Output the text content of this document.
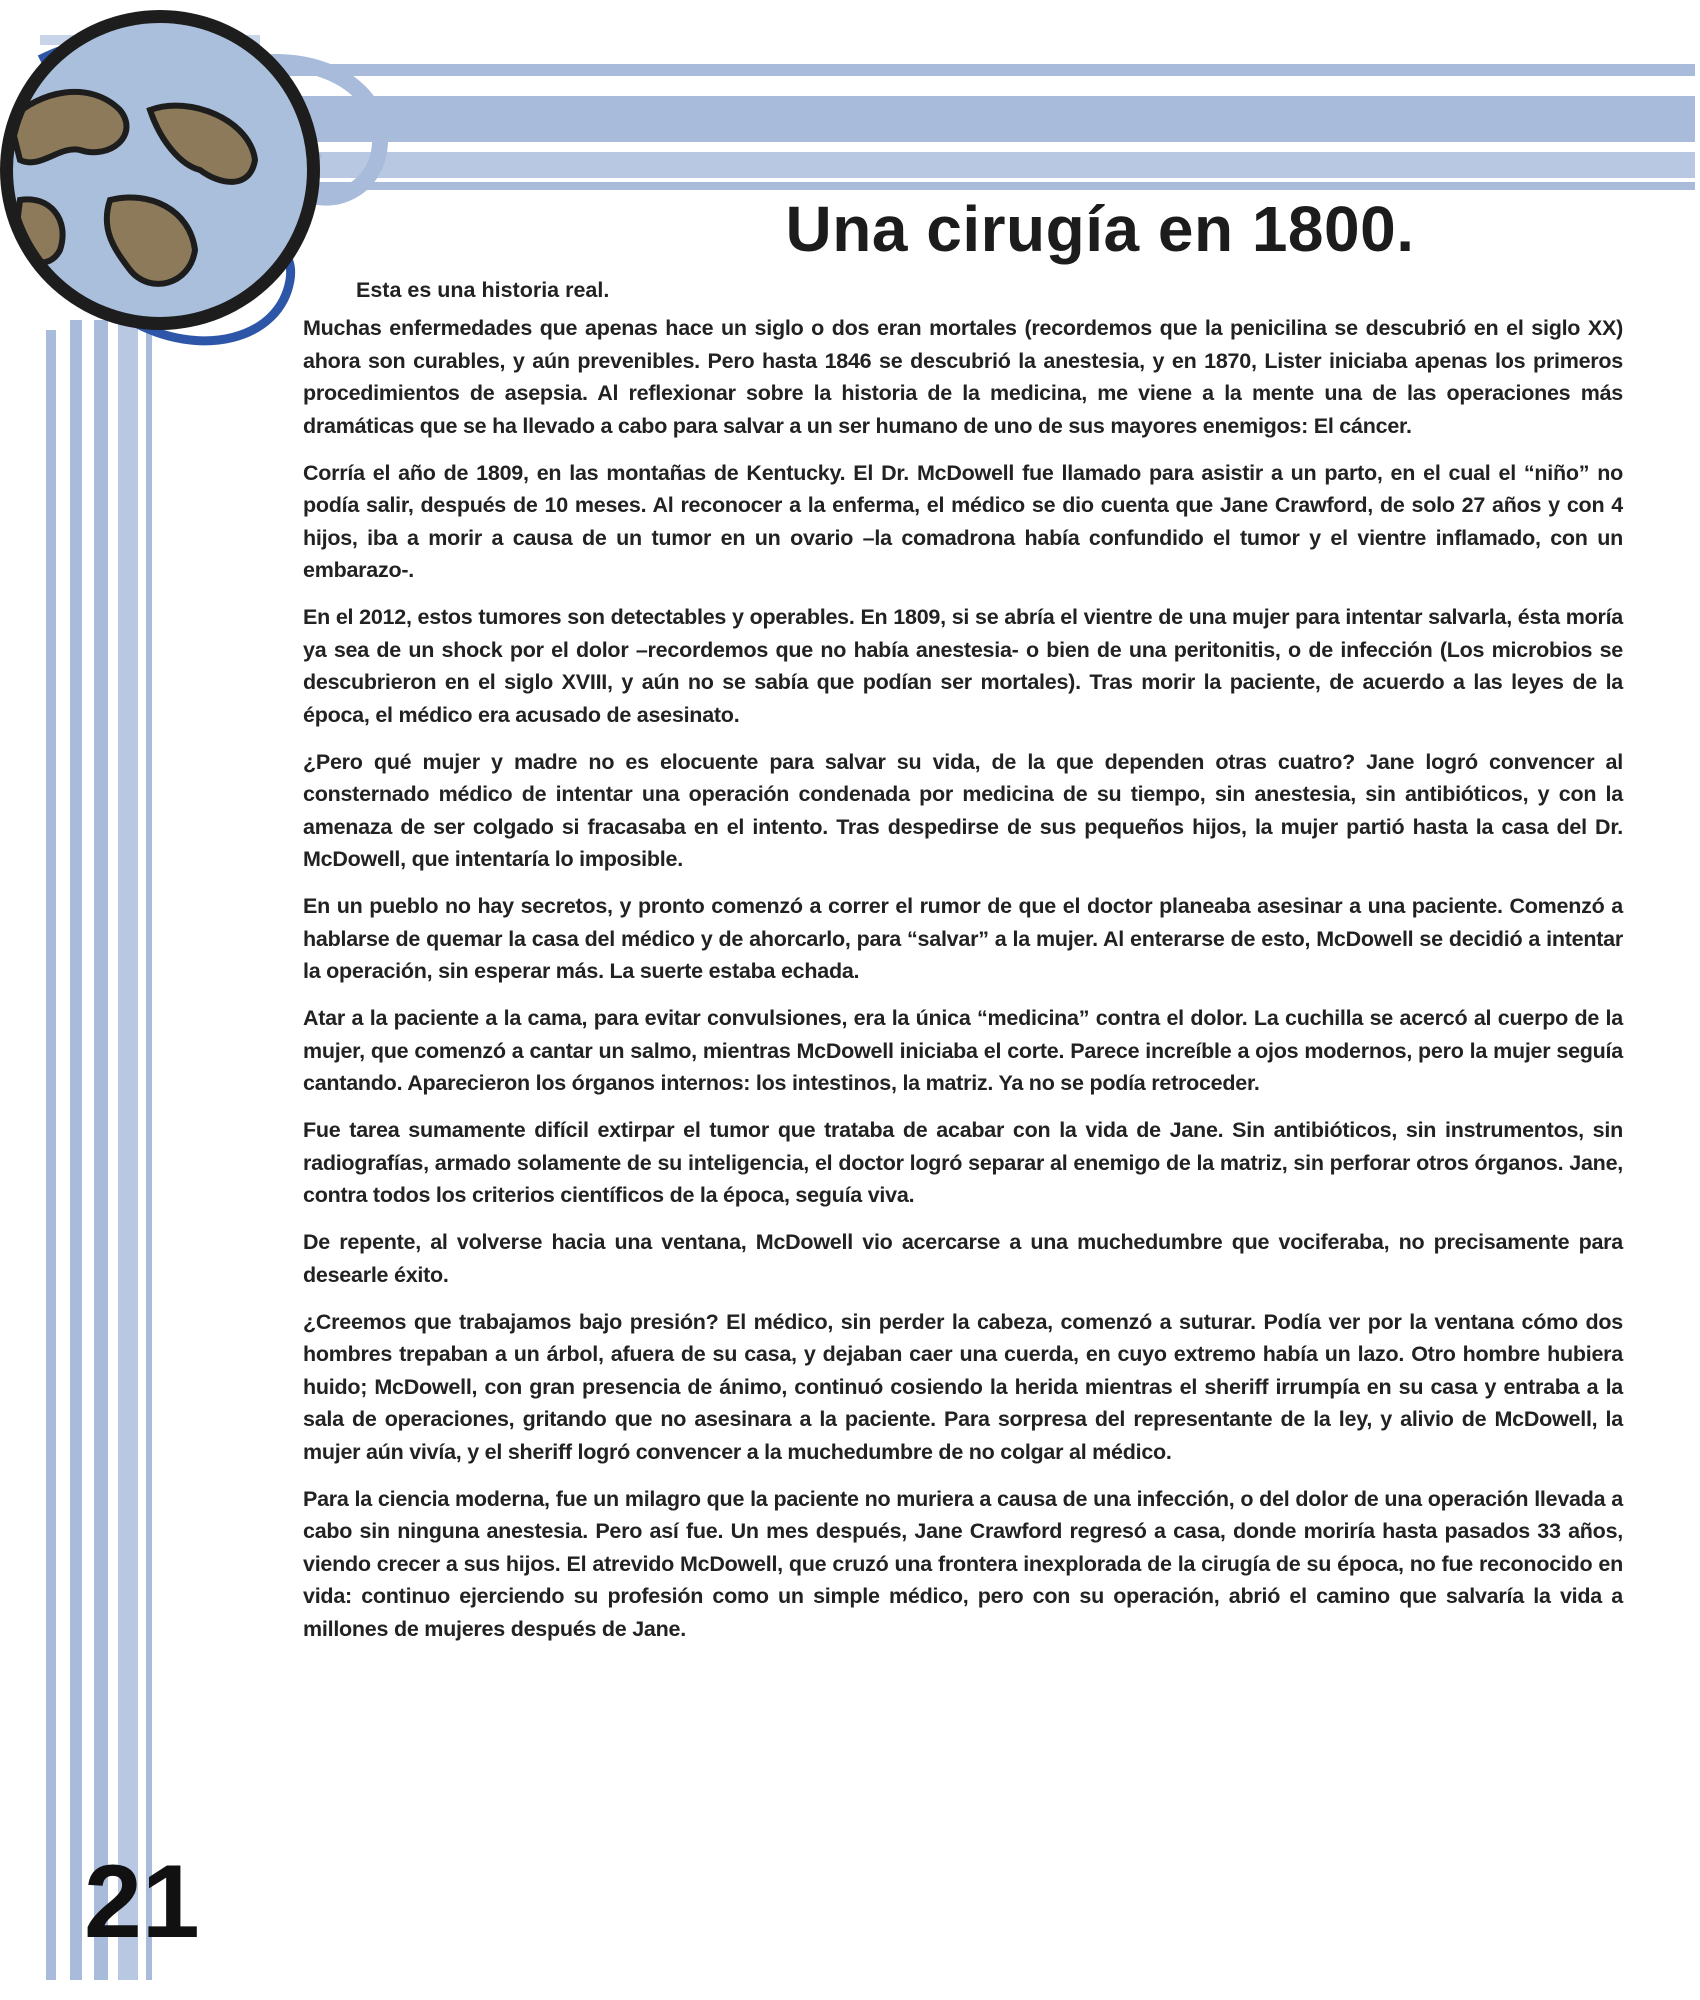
Una cirugía en 1800.
Esta es una historia real.

Muchas enfermedades que apenas hace un siglo o dos eran mortales (recordemos que la penicilina se descubrió en el siglo XX) ahora son curables, y aún prevenibles. Pero hasta 1846 se descubrió la anestesia, y en 1870, Lister iniciaba apenas los primeros procedimientos de asepsia. Al reflexionar sobre la historia de la medicina, me viene a la mente una de las operaciones más dramáticas que se ha llevado a cabo para salvar a un ser humano de uno de sus mayores enemigos: El cáncer.

Corría el año de 1809, en las montañas de Kentucky. El Dr. McDowell fue llamado para asistir a un parto, en el cual el “niño” no podía salir, después de 10 meses. Al reconocer a la enferma, el médico se dio cuenta que Jane Crawford, de solo 27 años y con 4 hijos, iba a morir a causa de un tumor en un ovario –la comadrona había confundido el tumor y el vientre inflamado, con un embarazo-.

En el 2012, estos tumores son detectables y operables. En 1809, si se abría el vientre de una mujer para intentar salvarla, ésta moría ya sea de un shock por el dolor –recordemos que no había anestesia- o bien de una peritonitis, o de infección (Los microbios se descubrieron en el siglo XVIII, y aún no se sabía que podían ser mortales). Tras morir la paciente, de acuerdo a las leyes de la época, el médico era acusado de asesinato.

¿Pero qué mujer y madre no es elocuente para salvar su vida, de la que dependen otras cuatro? Jane logró convencer al consternado médico de intentar una operación condenada por medicina de su tiempo, sin anestesia, sin antibióticos, y con la amenaza de ser colgado si fracasaba en el intento. Tras despedirse de sus pequeños hijos, la mujer partió hasta la casa del Dr. McDowell, que intentaría lo imposible.

En un pueblo no hay secretos, y pronto comenzó a correr el rumor de que el doctor planeaba asesinar a una paciente. Comenzó a hablarse de quemar la casa del médico y de ahorcarlo, para “salvar” a la mujer. Al enterarse de esto, McDowell se decidió a intentar la operación, sin esperar más. La suerte estaba echada.

Atar a la paciente a la cama, para evitar convulsiones, era la única “medicina” contra el dolor. La cuchilla se acercó al cuerpo de la mujer, que comenzó a cantar un salmo, mientras McDowell iniciaba el corte. Parece increíble a ojos modernos, pero la mujer seguía cantando. Aparecieron los órganos internos: los intestinos, la matriz. Ya no se podía retroceder.

Fue tarea sumamente difícil extirpar el tumor que trataba de acabar con la vida de Jane. Sin antibióticos, sin instrumentos, sin radiografías, armado solamente de su inteligencia, el doctor logró separar al enemigo de la matriz, sin perforar otros órganos. Jane, contra todos los criterios científicos de la época, seguía viva.

De repente, al volverse hacia una ventana, McDowell vio acercarse a una muchedumbre que vociferaba, no precisamente para desearle éxito.

¿Creemos que trabajamos bajo presión? El médico, sin perder la cabeza, comenzó a suturar. Podía ver por la ventana cómo dos hombres trepaban a un árbol, afuera de su casa, y dejaban caer una cuerda, en cuyo extremo había un lazo. Otro hombre hubiera huido; McDowell, con gran presencia de ánimo, continuó cosiendo la herida mientras el sheriff irrumpía en su casa y entraba a la sala de operaciones, gritando que no asesinara a la paciente. Para sorpresa del representante de la ley, y alivio de McDowell, la mujer aún vivía, y el sheriff logró convencer a la muchedumbre de no colgar al médico.

Para la ciencia moderna, fue un milagro que la paciente no muriera a causa de una infección, o del dolor de una operación llevada a cabo sin ninguna anestesia. Pero así fue. Un mes después, Jane Crawford regresó a casa, donde moriría hasta pasados 33 años, viendo crecer a sus hijos. El atrevido McDowell, que cruzó una frontera inexplorada de la cirugía de su época, no fue reconocido en vida: continuo ejerciendo su profesión como un simple médico, pero con su operación, abrió el camino que salvaría la vida a millones de mujeres después de Jane.

21
